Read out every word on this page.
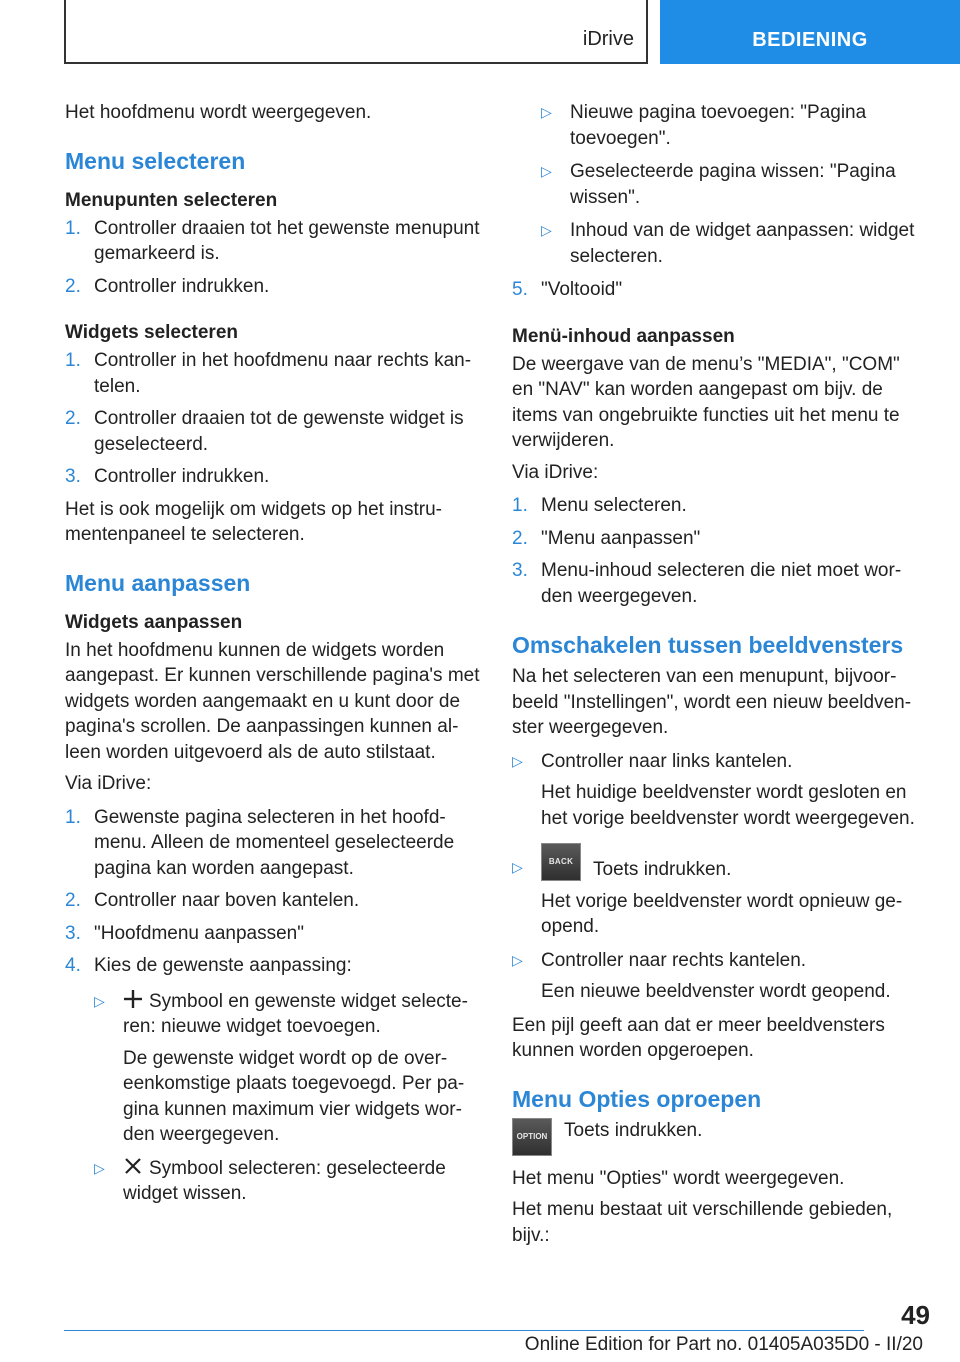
iDrive	BEDIENING

Het hoofdmenu wordt weergegeven.

Menu selecteren
Menupunten selecteren
1. Controller draaien tot het gewenste menupunt gemarkeerd is.
2. Controller indrukken.
Widgets selecteren
1. Controller in het hoofdmenu naar rechts kantelen.
2. Controller draaien tot de gewenste widget is geselecteerd.
3. Controller indrukken.

Het is ook mogelijk om widgets op het instrumentenpaneel te selecteren.

Menu aanpassen
Widgets aanpassen

In het hoofdmenu kunnen de widgets worden aangepast. Er kunnen verschillende pagina's met widgets worden aangemaakt en u kunt door de pagina's scrollen. De aanpassingen kunnen alleen worden uitgevoerd als de auto stilstaat.

Via iDrive:

1. Gewenste pagina selecteren in het hoofdmenu. Alleen de momenteel geselecteerde pagina kan worden aangepast.
2. Controller naar boven kantelen.
3. "Hoofdmenu aanpassen"
4. Kies de gewenste aanpassing:
▷ Symbool en gewenste widget selecteren: nieuwe widget toevoegen.
De gewenste widget wordt op de overeenkomstige plaats toegevoegd. Per pagina kunnen maximum vier widgets worden weergegeven.
▷ Symbool selecteren: geselecteerde widget wissen.
▷ Nieuwe pagina toevoegen: "Pagina toevoegen".
▷ Geselecteerde pagina wissen: "Pagina wissen".
▷ Inhoud van de widget aanpassen: widget selecteren.
5. "Voltooid"
Menü-inhoud aanpassen

De weergave van de menu’s "MEDIA", "COM" en "NAV" kan worden aangepast om bijv. de items van ongebruikte functies uit het menu te verwijderen.

Via iDrive:

1. Menu selecteren.
2. "Menu aanpassen"
3. Menu-inhoud selecteren die niet moet worden weergegeven.
Omschakelen tussen beeldvensters

Na het selecteren van een menupunt, bijvoorbeeld "Instellingen", wordt een nieuw beeldvenster weergegeven.

▷ Controller naar links kantelen.
Het huidige beeldvenster wordt gesloten en het vorige beeldvenster wordt weergegeven.
▷	BACK Toets indrukken.
Het vorige beeldvenster wordt opnieuw geopend.
▷ Controller naar rechts kantelen.
Een nieuwe beeldvenster wordt geopend.

Een pijl geeft aan dat er meer beeldvensters kunnen worden opgeroepen.

Menu Opties oproepen
OPTION Toets indrukken.

Het menu "Opties" wordt weergegeven.

Het menu bestaat uit verschillende gebieden, bijv.:

49
Online Edition for Part no. 01405A035D0 - II/20
